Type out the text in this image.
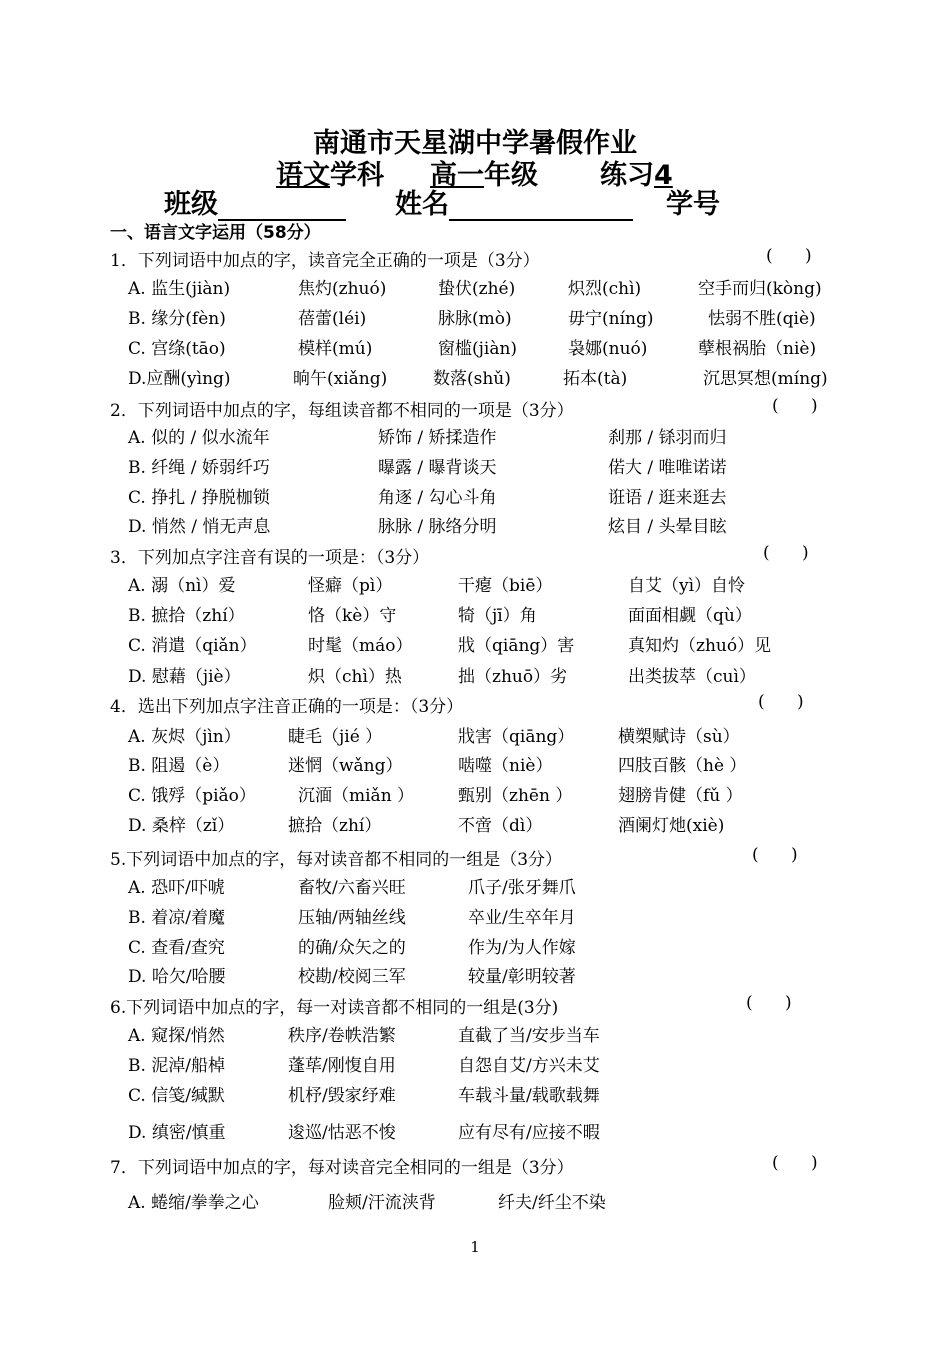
南通市天星湖中学暑假作业
语文学科 高一年级 练习4
班级	姓名	学号
一、语言文字运用（58分）
1．下列词语中加点的字，读音完全正确的一项是（3分）	(      )
A. 监生(jiàn)	焦灼(zhuó)	蛰伏(zhé)	炽烈(chì)	空手而归(kòng)
B. 缘分(fèn)	蓓蕾(léi)	脉脉(mò)	毋宁(níng)	怯弱不胜(qiè)
C. 宫绦(tāo)	模样(mú)	窗槛(jiàn)	袅娜(nuó)	孽根祸胎（niè)
D.应酬(yìng)	晌午(xiǎng)	数落(shǔ)	拓本(tà)	沉思冥想(míng)
2．下列词语中加点的字，每组读音都不相同的一项是（3分）	(      )
A. 似的 / 似水流年	矫饰 / 矫揉造作	刹那 / 铩羽而归
B. 纤绳 / 娇弱纤巧	曝露 / 曝背谈天	偌大 / 唯唯诺诺
C. 挣扎 / 挣脱枷锁	角逐 / 勾心斗角	诳语 / 逛来逛去
D. 悄然 / 悄无声息	脉脉 / 脉络分明	炫目 / 头晕目眩
3．下列加点字注音有误的一项是：（3分）	(      )
A. 溺（nì）爱	怪癖（pì）	干瘪（biē）	自艾（yì）自怜
B. 摭拾（zhí）	恪（kè）守	犄（jī）角	面面相觑（qù）
C. 消遣（qiǎn）	时髦（máo）	戕（qiāng）害	真知灼（zhuó）见
D. 慰藉（jiè）	炽（chì）热	拙（zhuō）劣	出类拔萃（cuì）
4．选出下列加点字注音正确的一项是：（3分）	(      )
A. 灰烬（jìn）	睫毛（jié ）	戕害（qiāng）	横槊赋诗（sù）
B. 阻遏（è）	迷惘（wǎng）	啮噬（niè）	四肢百骸（hè ）
C. 饿殍（piǎo） 沉湎（miǎn ）	甄别（zhēn ）	翅膀肯健（fǔ ）
D. 桑梓（zǐ）	摭拾（zhí）	不啻（dì）	酒阑灯灺(xiè)
5.下列词语中加点的字，每对读音都不相同的一组是（3分）	(      )
A. 恐吓/吓唬	畜牧/六畜兴旺	爪子/张牙舞爪
B. 着凉/着魔	压轴/两轴丝线	卒业/生卒年月
C. 查看/查究	的确/众矢之的	作为/为人作嫁
D. 哈欠/哈腰	校勘/校阅三军	较量/彰明较著
6.下列词语中加点的字，每一对读音都不相同的一组是(3分)	(      )
A. 窥探/悄然	秩序/卷帙浩繁	直截了当/安步当车
B. 泥淖/船棹	蓬荜/刚愎自用	自怨自艾/方兴未艾
C. 信笺/缄默	机杼/毁家纾难	车载斗量/载歌载舞
D. 缜密/慎重	逡巡/怙恶不悛	应有尽有/应接不暇
7．下列词语中加点的字，每对读音完全相同的一组是（3分）	(      )
A. 蜷缩/拳拳之心	脸颊/汗流浃背	纤夫/纤尘不染
1
